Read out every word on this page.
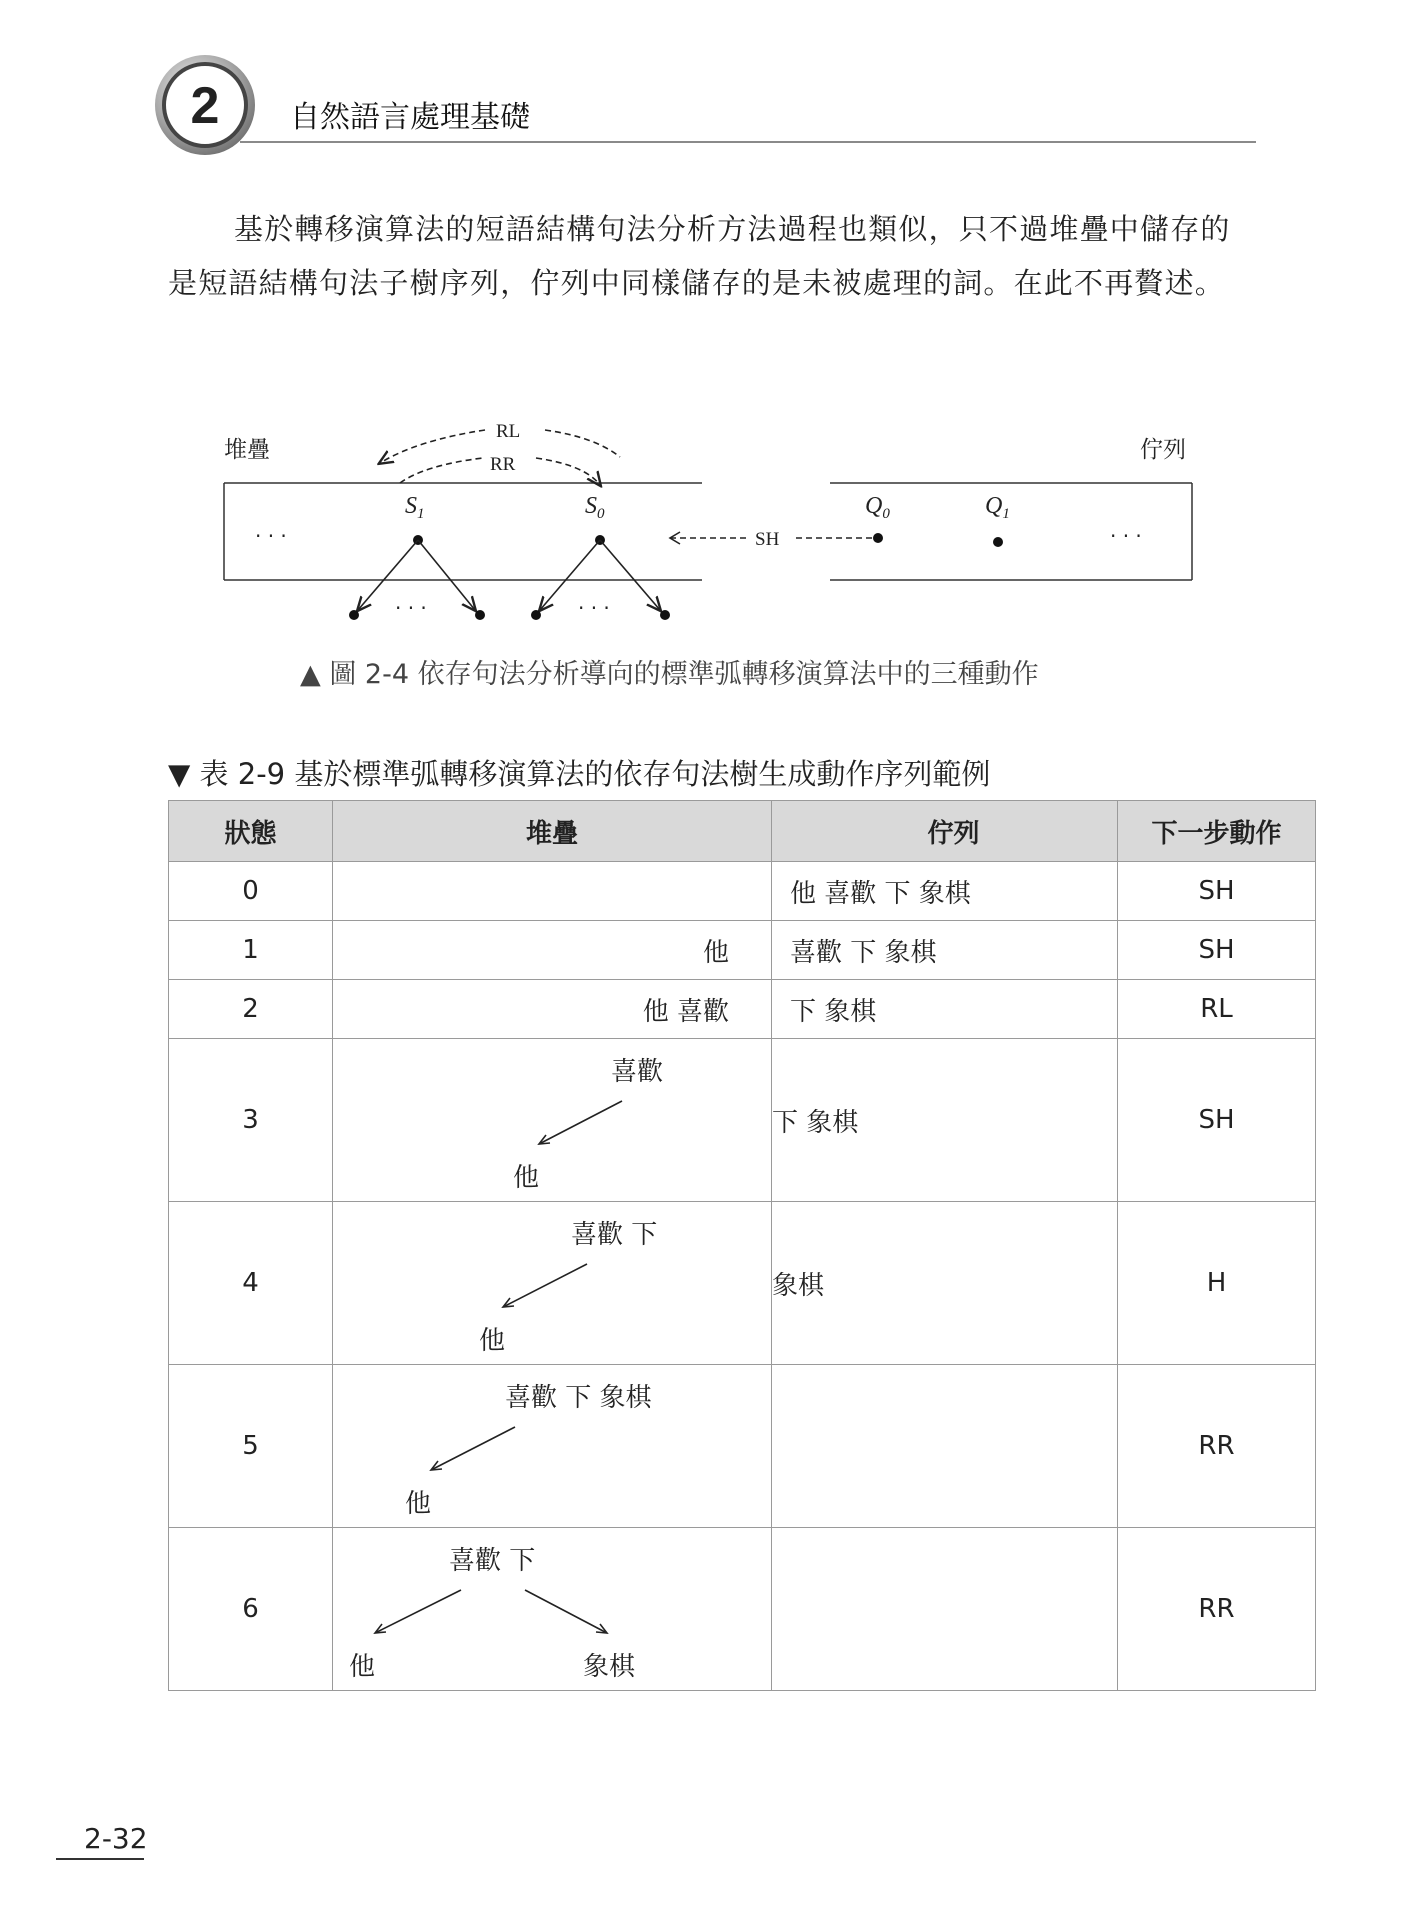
2 自然語言處理基礎
基於轉移演算法的短語結構句法分析方法過程也類似，只不過堆疊中儲存的是短語結構句法子樹序列，佇列中同樣儲存的是未被處理的詞。在此不再贅述。
堆疊	佇列
RL
RR
$S_1$	$S_0$	$Q_0$	$Q_1$
· · ·	· · ·
SH
· · ·	· · ·
▲ 圖 2-4 依存句法分析導向的標準弧轉移演算法中的三種動作
▼ 表 2-9 基於標準弧轉移演算法的依存句法樹生成動作序列範例
狀態	堆疊	佇列	下一步動作
0		他 喜歡 下 象棋	SH
1	他	喜歡 下 象棋	SH
2	他 喜歡	下 象棋	RL
3	喜歡
他	下 象棋	SH
4	喜歡 下
他	象棋	H
5	喜歡 下 象棋
他		RR
6	喜歡 下
他 象棋		RR
2-32
